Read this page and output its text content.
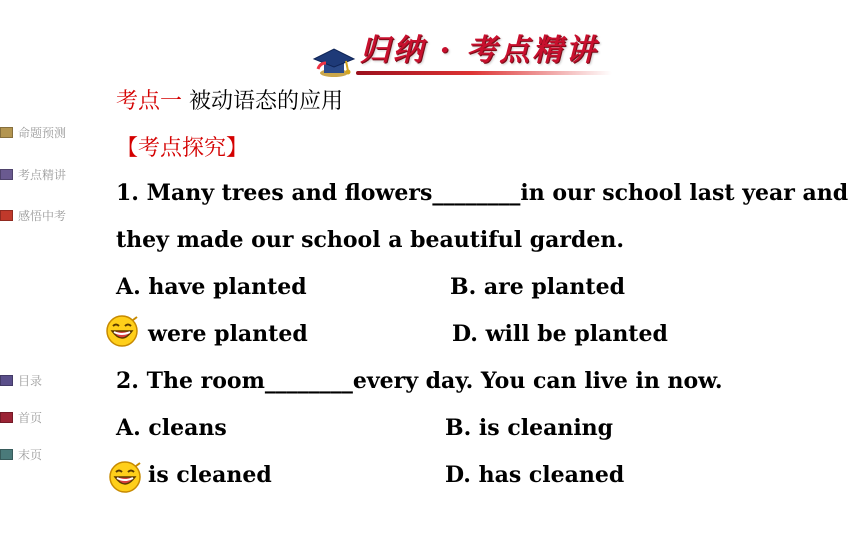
归纳 · 考点精讲
命题预测
考点精讲
感悟中考
目录
首页
末页
考点一 被动语态的应用
【考点探究】
1. Many trees and flowers________in our school last year and
they made our school a beautiful garden.
A. have planted	B. are planted
were planted	D. will be planted
2. The room________every day. You can live in now.
A. cleans	B. is cleaning
is cleaned	D. has cleaned
